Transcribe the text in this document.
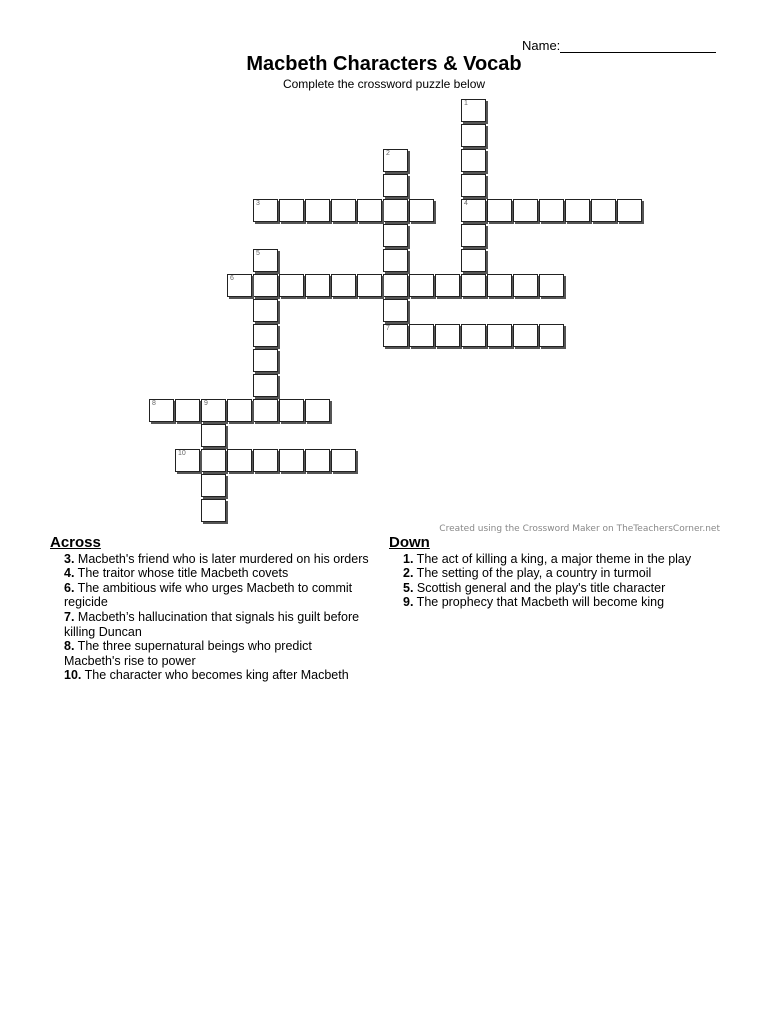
Name:
Macbeth Characters & Vocab
Complete the crossword puzzle below
1
4
2
7
3
5
6
8	9
10
Created using the Crossword Maker on TheTeachersCorner.net
Across
3. Macbeth's friend who is later murdered on his orders
4. The traitor whose title Macbeth covets
6. The ambitious wife who urges Macbeth to commit regicide
7. Macbeth’s hallucination that signals his guilt before killing Duncan
8. The three supernatural beings who predict Macbeth's rise to power
10. The character who becomes king after Macbeth
Down
1. The act of killing a king, a major theme in the play
2. The setting of the play, a country in turmoil
5. Scottish general and the play's title character
9. The prophecy that Macbeth will become king
